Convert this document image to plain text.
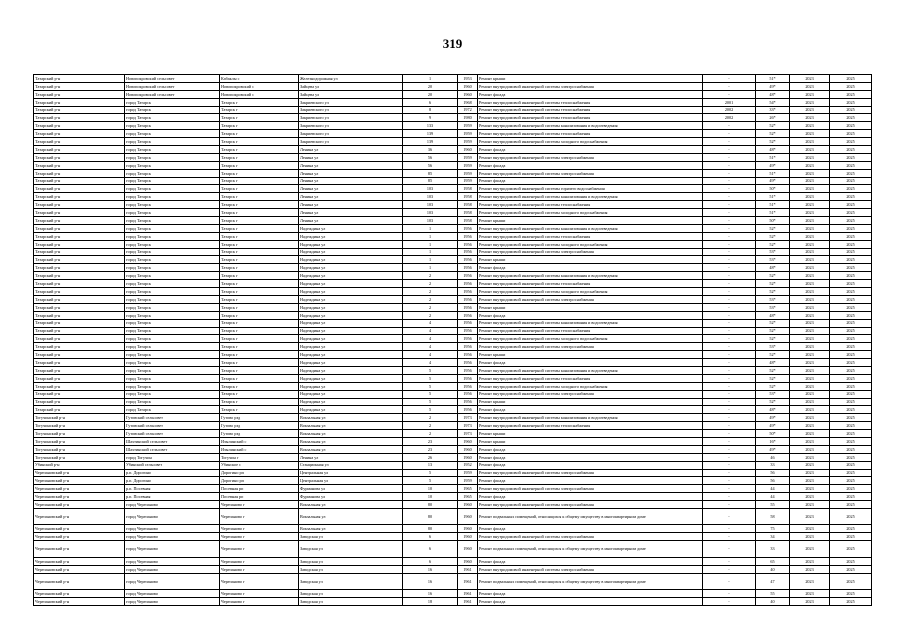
319
Татарский р-н	Новопокровский сельсовет	Кабаклы с	Железнодорожная ул	1	1953	Ремонт крыши	-	51*	2023	2025
Татарский р-н	Новопокровский сельсовет	Новопокровский с	Зайцева ул	20	1960	Ремонт внутридомовой инженерной системы электроснабжения	-	49*	2023	2025
Татарский р-н	Новопокровский сельсовет	Новопокровский с	Зайцева ул	20	1960	Ремонт фасада	-	48*	2023	2025
Татарский р-н	город Татарск	Татарск г	Закриевского ул	6	1968	Ремонт внутридомовой инженерной системы теплоснабжения	2001	54*	2023	2025
Татарский р-н	город Татарск	Татарск г	Закриевского ул	8	1972	Ремонт внутридомовой инженерной системы теплоснабжения	2002	33*	2023	2025
Татарский р-н	город Татарск	Татарск г	Закриевского ул	9	1980	Ремонт внутридомовой инженерной системы теплоснабжения	2002	26*	2023	2025
Татарский р-н	город Татарск	Татарск г	Закриевского ул	133	1959	Ремонт внутридомовой инженерной системы канализования и водоотведения	-	52*	2023	2025
Татарский р-н	город Татарск	Татарск г	Закриевского ул	139	1959	Ремонт внутридомовой инженерной системы теплоснабжения	-	52*	2023	2025
Татарский р-н	город Татарск	Татарск г	Закриевского ул	139	1959	Ремонт внутридомовой инженерной системы холодного водоснабжения	-	52*	2023	2025
Татарский р-н	город Татарск	Татарск г	Ленина ул	36	1960	Ремонт фасада	-	48*	2023	2025
Татарский р-н	город Татарск	Татарск г	Ленина ул	56	1959	Ремонт внутридомовой инженерной системы электроснабжения	-	51*	2023	2025
Татарский р-н	город Татарск	Татарск г	Ленина ул	56	1959	Ремонт фасада	-	49*	2023	2025
Татарский р-н	город Татарск	Татарск г	Ленина ул	85	1959	Ремонт внутридомовой инженерной системы электроснабжения	-	51*	2023	2025
Татарский р-н	город Татарск	Татарск г	Ленина ул	85	1959	Ремонт фасада	-	49*	2023	2025
Татарский р-н	город Татарск	Татарск г	Ленина ул	103	1958	Ремонт внутридомовой инженерной системы горячего водоснабжения	-	50*	2023	2025
Татарский р-н	город Татарск	Татарск г	Ленина ул	103	1958	Ремонт внутридомовой инженерной системы канализования и водоотведения	-	51*	2023	2025
Татарский р-н	город Татарск	Татарск г	Ленина ул	103	1958	Ремонт внутридомовой инженерной системы теплоснабжения	-	51*	2023	2025
Татарский р-н	город Татарск	Татарск г	Ленина ул	103	1958	Ремонт внутридомовой инженерной системы холодного водоснабжения	-	51*	2023	2025
Татарский р-н	город Татарск	Татарск г	Ленина ул	103	1958	Ремонт крыши	-	50*	2023	2025
Татарский р-н	город Татарск	Татарск г	Надеждина ул	1	1956	Ремонт внутридомовой инженерной системы канализования и водоотведения	-	52*	2023	2025
Татарский р-н	город Татарск	Татарск г	Надеждина ул	1	1956	Ремонт внутридомовой инженерной системы теплоснабжения	-	52*	2023	2025
Татарский р-н	город Татарск	Татарск г	Надеждина ул	1	1956	Ремонт внутридомовой инженерной системы холодного водоснабжения	-	52*	2023	2025
Татарский р-н	город Татарск	Татарск г	Надеждина ул	1	1956	Ремонт внутридомовой инженерной системы электроснабжения	-	53*	2023	2025
Татарский р-н	город Татарск	Татарск г	Надеждина ул	1	1956	Ремонт крыши	-	53*	2023	2025
Татарский р-н	город Татарск	Татарск г	Надеждина ул	1	1956	Ремонт фасада	-	48*	2023	2025
Татарский р-н	город Татарск	Татарск г	Надеждина ул	2	1956	Ремонт внутридомовой инженерной системы канализования и водоотведения	-	52*	2023	2025
Татарский р-н	город Татарск	Татарск г	Надеждина ул	2	1956	Ремонт внутридомовой инженерной системы теплоснабжения	-	52*	2023	2025
Татарский р-н	город Татарск	Татарск г	Надеждина ул	2	1956	Ремонт внутридомовой инженерной системы холодного водоснабжения	-	52*	2023	2025
Татарский р-н	город Татарск	Татарск г	Надеждина ул	2	1956	Ремонт внутридомовой инженерной системы электроснабжения	-	53*	2023	2025
Татарский р-н	город Татарск	Татарск г	Надеждина ул	2	1956	Ремонт крыши	-	53*	2023	2025
Татарский р-н	город Татарск	Татарск г	Надеждина ул	2	1956	Ремонт фасада	-	48*	2023	2025
Татарский р-н	город Татарск	Татарск г	Надеждина ул	4	1956	Ремонт внутридомовой инженерной системы канализования и водоотведения	-	52*	2023	2025
Татарский р-н	город Татарск	Татарск г	Надеждина ул	4	1956	Ремонт внутридомовой инженерной системы теплоснабжения	-	52*	2023	2025
Татарский р-н	город Татарск	Татарск г	Надеждина ул	4	1956	Ремонт внутридомовой инженерной системы холодного водоснабжения	-	52*	2023	2025
Татарский р-н	город Татарск	Татарск г	Надеждина ул	4	1956	Ремонт внутридомовой инженерной системы электроснабжения	-	53*	2023	2025
Татарский р-н	город Татарск	Татарск г	Надеждина ул	4	1956	Ремонт крыши	-	52*	2023	2025
Татарский р-н	город Татарск	Татарск г	Надеждина ул	4	1956	Ремонт фасада	-	48*	2023	2025
Татарский р-н	город Татарск	Татарск г	Надеждина ул	5	1956	Ремонт внутридомовой инженерной системы канализования и водоотведения	-	52*	2023	2025
Татарский р-н	город Татарск	Татарск г	Надеждина ул	5	1956	Ремонт внутридомовой инженерной системы теплоснабжения	-	52*	2023	2025
Татарский р-н	город Татарск	Татарск г	Надеждина ул	5	1956	Ремонт внутридомовой инженерной системы холодного водоснабжения	-	52*	2023	2025
Татарский р-н	город Татарск	Татарск г	Надеждина ул	5	1956	Ремонт внутридомовой инженерной системы электроснабжения	-	53*	2023	2025
Татарский р-н	город Татарск	Татарск г	Надеждина ул	5	1956	Ремонт крыши	-	52*	2023	2025
Татарский р-н	город Татарск	Татарск г	Надеждина ул	5	1956	Ремонт фасада	-	48*	2023	2025
Тогучинский р-н	Гутовский сельсовет	Гутово рзд	Вокзальная ул	2	1973	Ремонт внутридомовой инженерной системы канализования и водоотведения	-	49*	2023	2025
Тогучинский р-н	Гутовский сельсовет	Гутово рзд	Вокзальная ул	2	1973	Ремонт внутридомовой инженерной системы теплоснабжения	-	49*	2023	2025
Тогучинский р-н	Гутовский сельсовет	Гутово рзд	Вокзальная ул	2	1973	Ремонт крыши	-	50*	2023	2025
Тогучинский р-н	Шахтинский сельсовет	Изылинский с	Вокзальная ул	23	1960	Ремонт крыши	-	16*	2023	2025
Тогучинский р-н	Шахтинский сельсовет	Изылинский с	Вокзальная ул	23	1960	Ремонт фасада	-	49*	2023	2025
Тогучинский р-н	город Тогучин	Тогучин г	Ленина ул	26	1960	Ремонт фасада	-	46	2023	2025
Убинский р-н	Убинский сельсовет	Убинское с	Станционная ул	13	1952	Ремонт фасада	-	33	2023	2025
Черепановский р-н	р.п. Дорогино	Дорогино рп	Центральная ул	5	1959	Ремонт внутридомовой инженерной системы электроснабжения	-	56	2023	2025
Черепановский р-н	р.п. Дорогино	Дорогино рп	Центральная ул	5	1959	Ремонт фасада	-	56	2023	2025
Черепановский р-н	р.п. Посевная	Посевная рп	Фурманова ул	10	1965	Ремонт внутридомовой инженерной системы электроснабжения	-	44	2023	2025
Черепановский р-н	р.п. Посевная	Посевная рп	Фурманова ул	10	1965	Ремонт фасада	-	44	2023	2025
Черепановский р-н	город Черепаново	Черепаново г	Вокзальная ул	80	1960	Ремонт внутридомовой инженерной системы электроснабжения	-	55	2023	2025
Черепановский р-н	город Черепаново	Черепаново г	Вокзальная ул	80	1960	Ремонт подвальных помещений, относящихся к общему имуществу в многоквартирном доме	-	58	2023	2025
Черепановский р-н	город Черепаново	Черепаново г	Вокзальная ул	80	1960	Ремонт фасада	-	75	2023	2025
Черепановский р-н	город Черепаново	Черепаново г	Заводская ул	6	1960	Ремонт внутридомовой инженерной системы электроснабжения	-	34	2023	2025
Черепановский р-н	город Черепаново	Черепаново г	Заводская ул	6	1960	Ремонт подвальных помещений, относящихся к общему имуществу в многоквартирном доме	-	33	2023	2025
Черепановский р-н	город Черепаново	Черепаново г	Заводская ул	6	1960	Ремонт фасада	-	65	2023	2025
Черепановский р-н	город Черепаново	Черепаново г	Заводская ул	16	1961	Ремонт внутридомовой инженерной системы электроснабжения	-	40	2023	2025
Черепановский р-н	город Черепаново	Черепаново г	Заводская ул	16	1961	Ремонт подвальных помещений, относящихся к общему имуществу в многоквартирном доме	-	47	2023	2025
Черепановский р-н	город Черепаново	Черепаново г	Заводская ул	16	1961	Ремонт фасада	-	55	2023	2025
Черепановский р-н	город Черепаново	Черепаново г	Заводская ул	18	1961	Ремонт фасада	-	40	2023	2025
